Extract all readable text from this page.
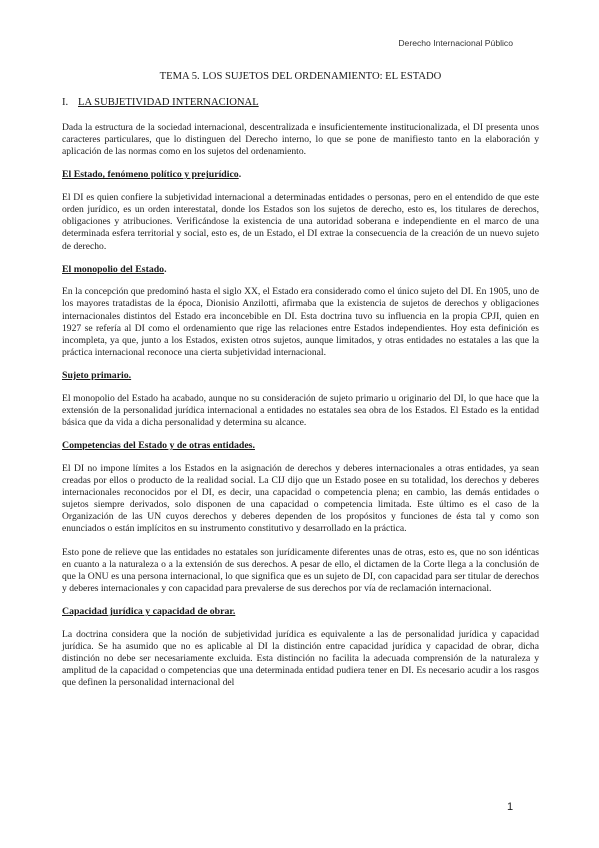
Derecho Internacional Público
TEMA 5. LOS SUJETOS DEL ORDENAMIENTO: EL ESTADO
I. LA SUBJETIVIDAD INTERNACIONAL

Dada la estructura de la sociedad internacional, descentralizada e insuficientemente institucionalizada, el DI presenta unos caracteres particulares, que lo distinguen del Derecho interno, lo que se pone de manifiesto tanto en la elaboración y aplicación de las normas como en los sujetos del ordenamiento.

El Estado, fenómeno político y prejurídico.

El DI es quien confiere la subjetividad internacional a determinadas entidades o personas, pero en el entendido de que este orden jurídico, es un orden interestatal, donde los Estados son los sujetos de derecho, esto es, los titulares de derechos, obligaciones y atribuciones. Verificándose la existencia de una autoridad soberana e independiente en el marco de una determinada esfera territorial y social, esto es, de un Estado, el DI extrae la consecuencia de la creación de un nuevo sujeto de derecho.

El monopolio del Estado.

En la concepción que predominó hasta el siglo XX, el Estado era considerado como el único sujeto del DI. En 1905, uno de los mayores tratadistas de la época, Dionisio Anzilotti, afirmaba que la existencia de sujetos de derechos y obligaciones internacionales distintos del Estado era inconcebible en DI. Esta doctrina tuvo su influencia en la propia CPJI, quien en 1927 se refería al DI como el ordenamiento que rige las relaciones entre Estados independientes. Hoy esta definición es incompleta, ya que, junto a los Estados, existen otros sujetos, aunque limitados, y otras entidades no estatales a las que la práctica internacional reconoce una cierta subjetividad internacional.

Sujeto primario.

El monopolio del Estado ha acabado, aunque no su consideración de sujeto primario u originario del DI, lo que hace que la extensión de la personalidad jurídica internacional a entidades no estatales sea obra de los Estados. El Estado es la entidad básica que da vida a dicha personalidad y determina su alcance.

Competencias del Estado y de otras entidades.

El DI no impone límites a los Estados en la asignación de derechos y deberes internacionales a otras entidades, ya sean creadas por ellos o producto de la realidad social. La CIJ dijo que un Estado posee en su totalidad, los derechos y deberes internacionales reconocidos por el DI, es decir, una capacidad o competencia plena; en cambio, las demás entidades o sujetos siempre derivados, solo disponen de una capacidad o competencia limitada. Este último es el caso de la Organización de las UN cuyos derechos y deberes dependen de los propósitos y funciones de ésta tal y como son enunciados o están implícitos en su instrumento constitutivo y desarrollado en la práctica.

Esto pone de relieve que las entidades no estatales son jurídicamente diferentes unas de otras, esto es, que no son idénticas en cuanto a la naturaleza o a la extensión de sus derechos. A pesar de ello, el dictamen de la Corte llega a la conclusión de que la ONU es una persona internacional, lo que significa que es un sujeto de DI, con capacidad para ser titular de derechos y deberes internacionales y con capacidad para prevalerse de sus derechos por vía de reclamación internacional.

Capacidad jurídica y capacidad de obrar.

La doctrina considera que la noción de subjetividad jurídica es equivalente a las de personalidad jurídica y capacidad jurídica. Se ha asumido que no es aplicable al DI la distinción entre capacidad jurídica y capacidad de obrar, dicha distinción no debe ser necesariamente excluida. Esta distinción no facilita la adecuada comprensión de la naturaleza y amplitud de la capacidad o competencias que una determinada entidad pudiera tener en DI. Es necesario acudir a los rasgos que definen la personalidad internacional del

1
